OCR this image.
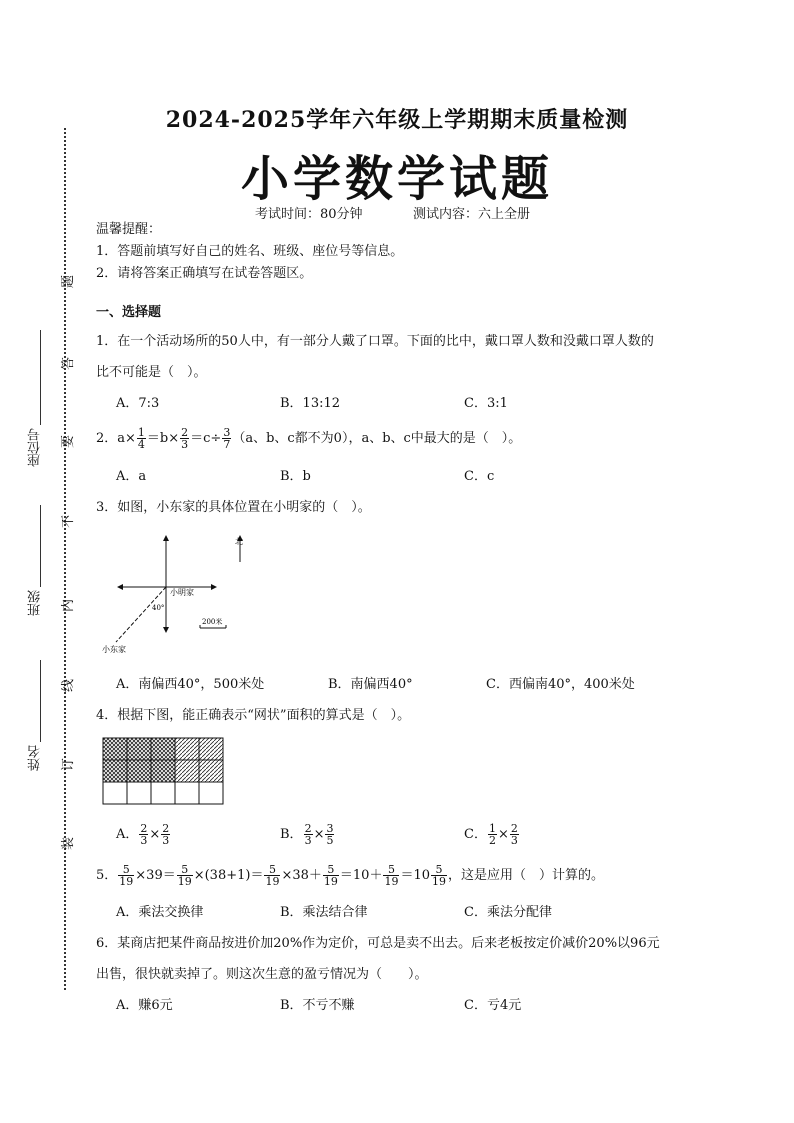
座位号
班级
姓名
题
答
要
不
内
线
订
装
2024-2025学年六年级上学期期末质量检测
小学数学试题
考试时间：80分钟	测试内容：六上全册
温馨提醒：
1．答题前填写好自己的姓名、班级、座位号等信息。
2．请将答案正确填写在试卷答题区。
一、选择题
1．在一个活动场所的50人中，有一部分人戴了口罩。下面的比中，戴口罩人数和没戴口罩人数的
比不可能是（　）。
A．7:3	B．13:12	C．3:1
2．$a\times \frac{1}{4} =b\times \frac{2}{3} =c\div \frac{3}{7} (a$、b、c都不为0），a、b、c中最大的是（　）。
A．a	B．b	C．c
3．如图，小东家的具体位置在小明家的（　）。
北
小明家
40°
200米
小东家
A．南偏西40°，500米处	B．南偏西40°	C．西偏南40°，400米处
4．根据下图，能正确表示“网状”面积的算式是（　）。
A． $\frac{2}{3} \times \frac{2}{3}$	B． $\frac{2}{3} \times \frac{3}{5}$	C． $\frac{1}{2} \times \frac{2}{3}$
5． $\frac{5}{19} \times 39= \frac{5}{19} \times(38+1)= \frac{5}{19} \times 38+ \frac{5}{19} =10+ \frac{5}{19} =10 \frac{5}{19}$ ，这是应用（　）计算的。
A．乘法交换律	B．乘法结合律	C．乘法分配律
6．某商店把某件商品按进价加20%作为定价，可总是卖不出去。后来老板按定价减价20%以96元
出售，很快就卖掉了。则这次生意的盈亏情况为（　　）。
A．赚6元	B．不亏不赚	C．亏4元
